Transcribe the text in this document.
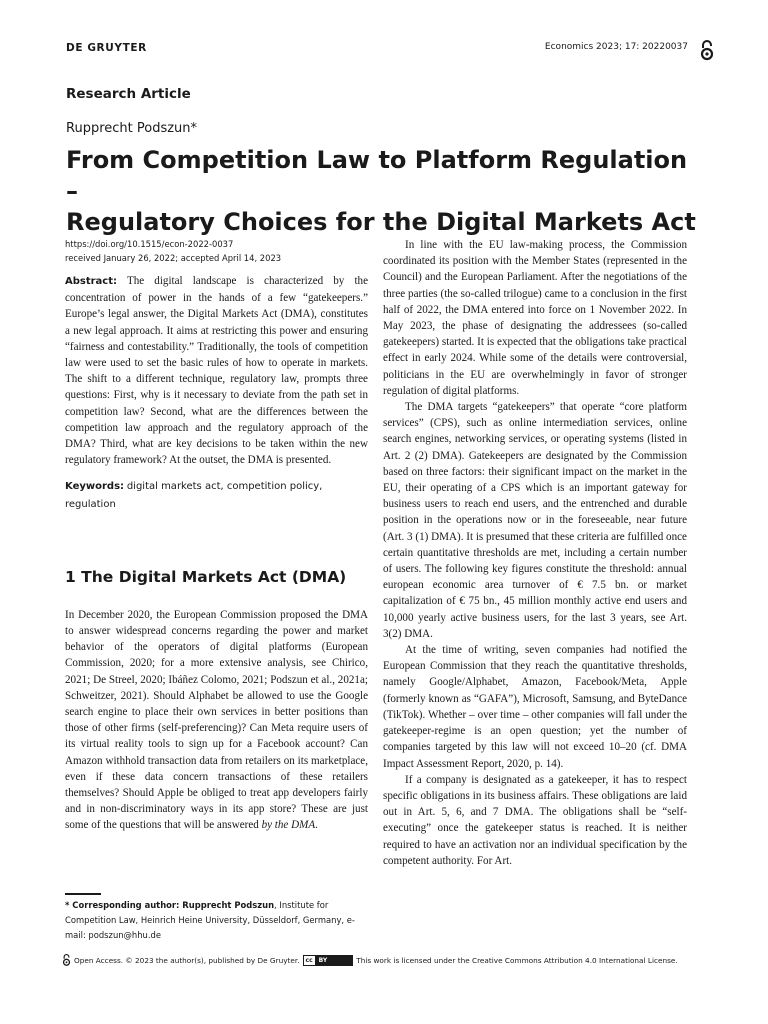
DE GRUYTER	Economics 2023; 17: 20220037
Research Article
Rupprecht Podszun*
From Competition Law to Platform Regulation –
Regulatory Choices for the Digital Markets Act
https://doi.org/10.1515/econ-2022-0037
received January 26, 2022; accepted April 14, 2023
Abstract: The digital landscape is characterized by the concentration of power in the hands of a few “gatekeepers.” Europe’s legal answer, the Digital Markets Act (DMA), constitutes a new legal approach. It aims at restricting this power and ensuring “fairness and contestability.” Traditionally, the tools of competition law were used to set the basic rules of how to operate in markets. The shift to a different technique, regulatory law, prompts three questions: First, why is it necessary to deviate from the path set in competition law? Second, what are the differences between the competition law approach and the regulatory approach of the DMA? Third, what are key decisions to be taken within the new regulatory framework? At the outset, the DMA is presented.
Keywords: digital markets act, competition policy, regulation
1 The Digital Markets Act (DMA)

In December 2020, the European Commission proposed the DMA to answer widespread concerns regarding the power and market behavior of the operators of digital platforms (European Commission, 2020; for a more extensive analysis, see Chirico, 2021; De Streel, 2020; Ibáñez Colomo, 2021; Podszun et al., 2021a; Schweitzer, 2021). Should Alphabet be allowed to use the Google search engine to place their own services in better positions than those of other firms (self-preferencing)? Can Meta require users of its virtual reality tools to sign up for a Facebook account? Can Amazon withhold transaction data from retailers on its marketplace, even if these data concern transactions of these retailers themselves? Should Apple be obliged to treat app developers fairly and in non-discriminatory ways in its app store? These are just some of the questions that will be answered by the DMA.

In line with the EU law-making process, the Commission coordinated its position with the Member States (represented in the Council) and the European Parliament. After the negotiations of the three parties (the so-called trilogue) came to a conclusion in the first half of 2022, the DMA entered into force on 1 November 2022. In May 2023, the phase of designating the addressees (so-called gatekeepers) started. It is expected that the obligations take practical effect in early 2024. While some of the details were controversial, politicians in the EU are overwhelmingly in favor of stronger regulation of digital platforms.

The DMA targets “gatekeepers” that operate “core platform services” (CPS), such as online intermediation services, online search engines, networking services, or operating systems (listed in Art. 2 (2) DMA). Gatekeepers are designated by the Commission based on three factors: their significant impact on the market in the EU, their operating of a CPS which is an important gateway for business users to reach end users, and the entrenched and durable position in the operations now or in the foreseeable, near future (Art. 3 (1) DMA). It is presumed that these criteria are fulfilled once certain quantitative thresholds are met, including a certain number of users. The following key figures constitute the threshold: annual european economic area turnover of € 7.5 bn. or market capitalization of € 75 bn., 45 million monthly active end users and 10,000 yearly active business users, for the last 3 years, see Art. 3(2) DMA.

At the time of writing, seven companies had notified the European Commission that they reach the quantitative thresholds, namely Google/Alphabet, Amazon, Facebook/Meta, Apple (formerly known as “GAFA”), Microsoft, Samsung, and ByteDance (TikTok). Whether – over time – other companies will fall under the gatekeeper-regime is an open question; yet the number of companies targeted by this law will not exceed 10–20 (cf. DMA Impact Assessment Report, 2020, p. 14).

If a company is designated as a gatekeeper, it has to respect specific obligations in its business affairs. These obligations are laid out in Art. 5, 6, and 7 DMA. The obligations shall be “self-executing” once the gatekeeper status is reached. It is neither required to have an activation nor an individual specification by the competent authority. For Art.

* Corresponding author: Rupprecht Podszun, Institute for Competition Law, Heinrich Heine University, Düsseldorf, Germany, e-mail: podszun@hhu.de
Open Access. © 2023 the author(s), published by De Gruyter.	cc	BY	This work is licensed under the Creative Commons Attribution 4.0 International License.
